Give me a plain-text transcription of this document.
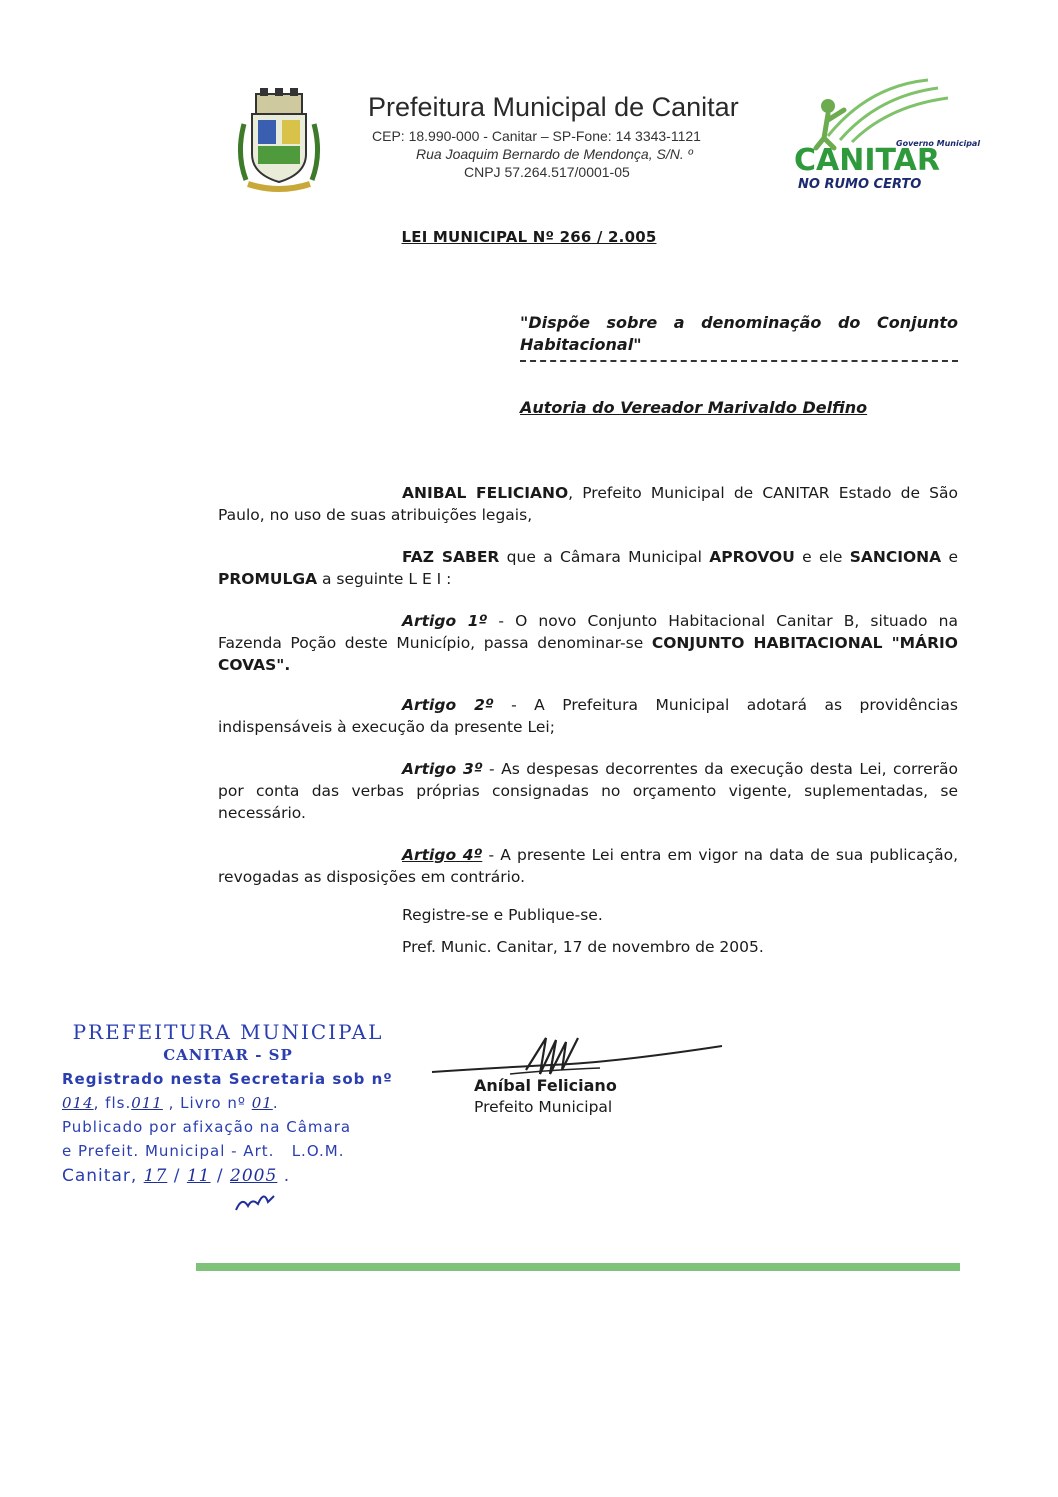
Prefeitura Municipal de Canitar
CEP: 18.990-000 - Canitar – SP-Fone: 14 3343-1121
Rua Joaquim Bernardo de Mendonça, S/N. º
CNPJ 57.264.517/0001-05
Governo Municipal
CANITAR
NO RUMO CERTO
LEI MUNICIPAL Nº 266 / 2.005
"Dispõe sobre a denominação do Conjunto Habitacional"
Autoria do Vereador Marivaldo Delfino
ANIBAL FELICIANO, Prefeito Municipal de CANITAR Estado de São Paulo, no uso de suas atribuições legais,
FAZ SABER que a Câmara Municipal APROVOU e ele SANCIONA e PROMULGA a seguinte L E I :
Artigo 1º - O novo Conjunto Habitacional Canitar B, situado na Fazenda Poção deste Município, passa denominar-se CONJUNTO HABITACIONAL "MÁRIO COVAS".
Artigo 2º - A Prefeitura Municipal adotará as providências indispensáveis à execução da presente Lei;
Artigo 3º - As despesas decorrentes da execução desta Lei, correrão por conta das verbas próprias consignadas no orçamento vigente, suplementadas, se necessário.
Artigo 4º - A presente Lei entra em vigor na data de sua publicação, revogadas as disposições em contrário.
Registre-se e Publique-se.
Pref. Munic. Canitar, 17 de novembro de 2005.
PREFEITURA MUNICIPAL
CANITAR - SP
Registrado nesta Secretaria sob nº
014, fls.011 , Livro nº 01.
Publicado por afixação na Câmara
e Prefeit. Municipal - Art. L.O.M.
Canitar, 17 / 11 / 2005 .
Aníbal Feliciano
Prefeito Municipal
